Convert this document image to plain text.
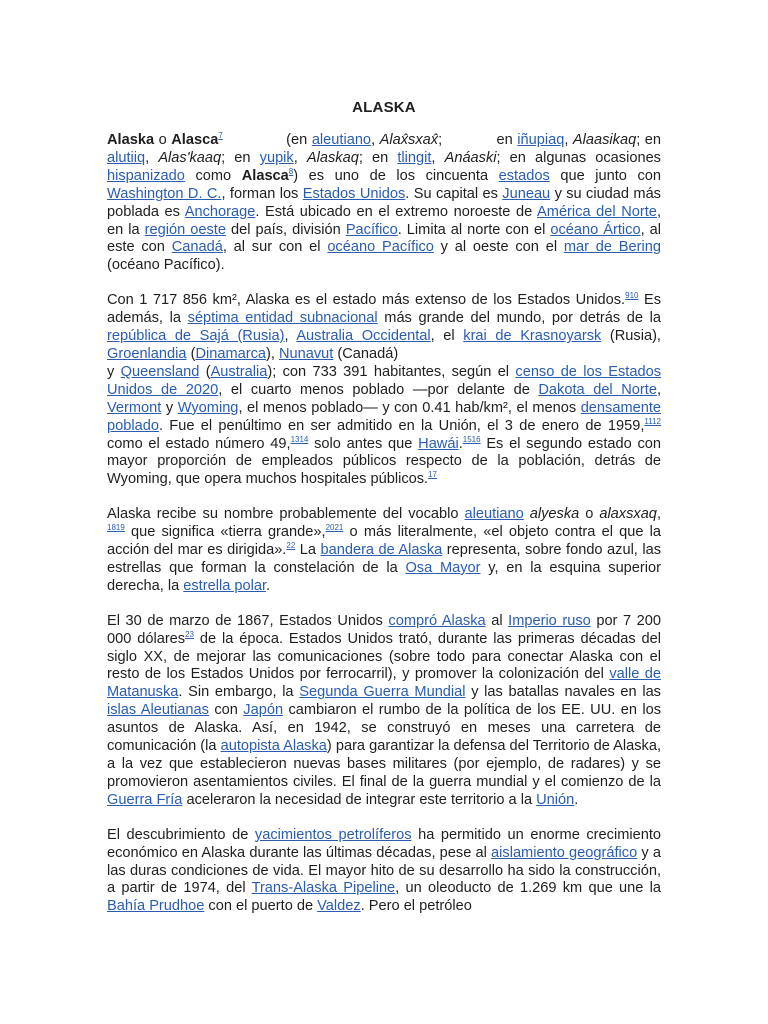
ALASKA

Alaska o Alasca$^7$              (en aleutiano, Alax̂sxax̂;            en iñupiaq, Alaasikaq; en alutiiq, Alas'kaaq; en yupik, Alaskaq; en tlingit, Anáaski; en algunas ocasiones hispanizado como Alasca$^8$) es uno de los cincuenta estados que junto con Washington D. C., forman los Estados Unidos. Su capital es Juneau y su ciudad más poblada es Anchorage. Está ubicado en el extremo noroeste de América del Norte, en la región oeste del país, división Pacífico. Limita al norte con el océano Ártico, al este con Canadá, al sur con el océano Pacífico y al oeste con el mar de Bering (océano Pacífico).

Con 1 717 856 km², Alaska es el estado más extenso de los Estados Unidos.$^{910}$ Es además, la séptima entidad subnacional más grande del mundo, por detrás de la república de Sajá (Rusia), Australia Occidental, el krai de Krasnoyarsk (Rusia), Groenlandia (Dinamarca), Nunavut (Canadá)
y Queensland (Australia); con 733 391 habitantes, según el censo de los Estados Unidos de 2020, el cuarto menos poblado —por delante de Dakota del Norte, Vermont y Wyoming, el menos poblado— y con 0.41 hab/km², el menos densamente poblado. Fue el penúltimo en ser admitido en la Unión, el 3 de enero de 1959,$^{1112}$ como el estado número 49,$^{1314}$ solo antes que Hawái.$^{1516}$ Es el segundo estado con mayor proporción de empleados públicos respecto de la población, detrás de Wyoming, que opera muchos hospitales públicos.$^{17}$

Alaska recibe su nombre probablemente del vocablo aleutiano alyeska o alaxsxaq, $^{1819}$ que significa «tierra grande»,$^{2021}$ o más literalmente, «el objeto contra el que la acción del mar es dirigida».$^{22}$ La bandera de Alaska representa, sobre fondo azul, las estrellas que forman la constelación de la Osa Mayor y, en la esquina superior derecha, la estrella polar.

El 30 de marzo de 1867, Estados Unidos compró Alaska al Imperio ruso por 7 200 000 dólares$^{23}$ de la época. Estados Unidos trató, durante las primeras décadas del siglo XX, de mejorar las comunicaciones (sobre todo para conectar Alaska con el resto de los Estados Unidos por ferrocarril), y promover la colonización del valle de Matanuska. Sin embargo, la Segunda Guerra Mundial y las batallas navales en las islas Aleutianas con Japón cambiaron el rumbo de la política de los EE. UU. en los asuntos de Alaska. Así, en 1942, se construyó en meses una carretera de comunicación (la autopista Alaska) para garantizar la defensa del Territorio de Alaska, a la vez que establecieron nuevas bases militares (por ejemplo, de radares) y se promovieron asentamientos civiles. El final de la guerra mundial y el comienzo de la Guerra Fría aceleraron la necesidad de integrar este territorio a la Unión.

El descubrimiento de yacimientos petrolíferos ha permitido un enorme crecimiento económico en Alaska durante las últimas décadas, pese al aislamiento geográfico y a las duras condiciones de vida. El mayor hito de su desarrollo ha sido la construcción, a partir de 1974, del Trans-Alaska Pipeline, un oleoducto de 1.269 km que une la Bahía Prudhoe con el puerto de Valdez. Pero el petróleo
